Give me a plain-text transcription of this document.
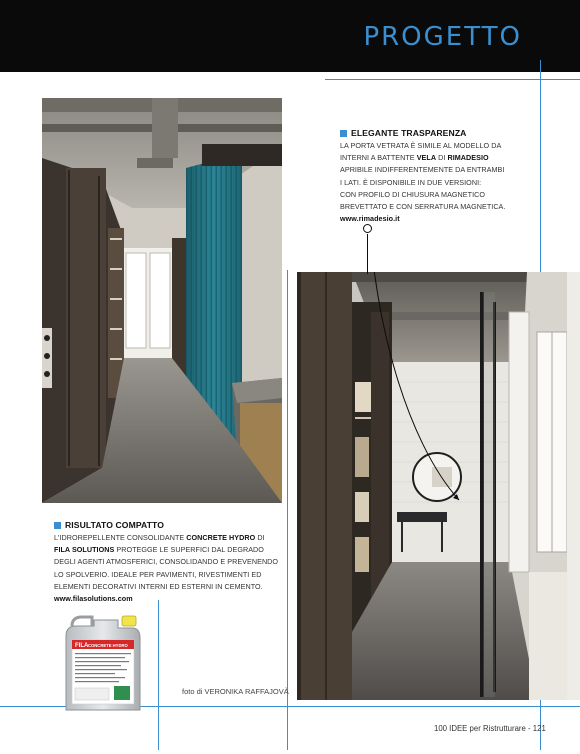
PROGETTO
ELEGANTE TRASPARENZA
LA PORTA VETRATA È SIMILE AL MODELLO DA
INTERNI A BATTENTE VELA DI RIMADESIO
APRIBILE INDIFFERENTEMENTE DA ENTRAMBI
I LATI. È DISPONIBILE IN DUE VERSIONI:
CON PROFILO DI CHIUSURA MAGNETICO
BREVETTATO E CON SERRATURA MAGNETICA.
www.rimadesio.it
RISULTATO COMPATTO
L'IDROREPELLENTE CONSOLIDANTE CONCRETE HYDRO DI
FILA SOLUTIONS PROTEGGE LE SUPERFICI DAL DEGRADO
DEGLI AGENTI ATMOSFERICI, CONSOLIDANDO E PREVENENDO
LO SPOLVERIO. IDEALE PER PAVIMENTI, RIVESTIMENTI ED
ELEMENTI DECORATIVI INTERNI ED ESTERNI IN CEMENTO.
www.filasolutions.com
FILA CONCRETE HYDRO
foto di VERONIKA RAFFAJOVÀ
100 IDEE per Ristrutturare - 121
